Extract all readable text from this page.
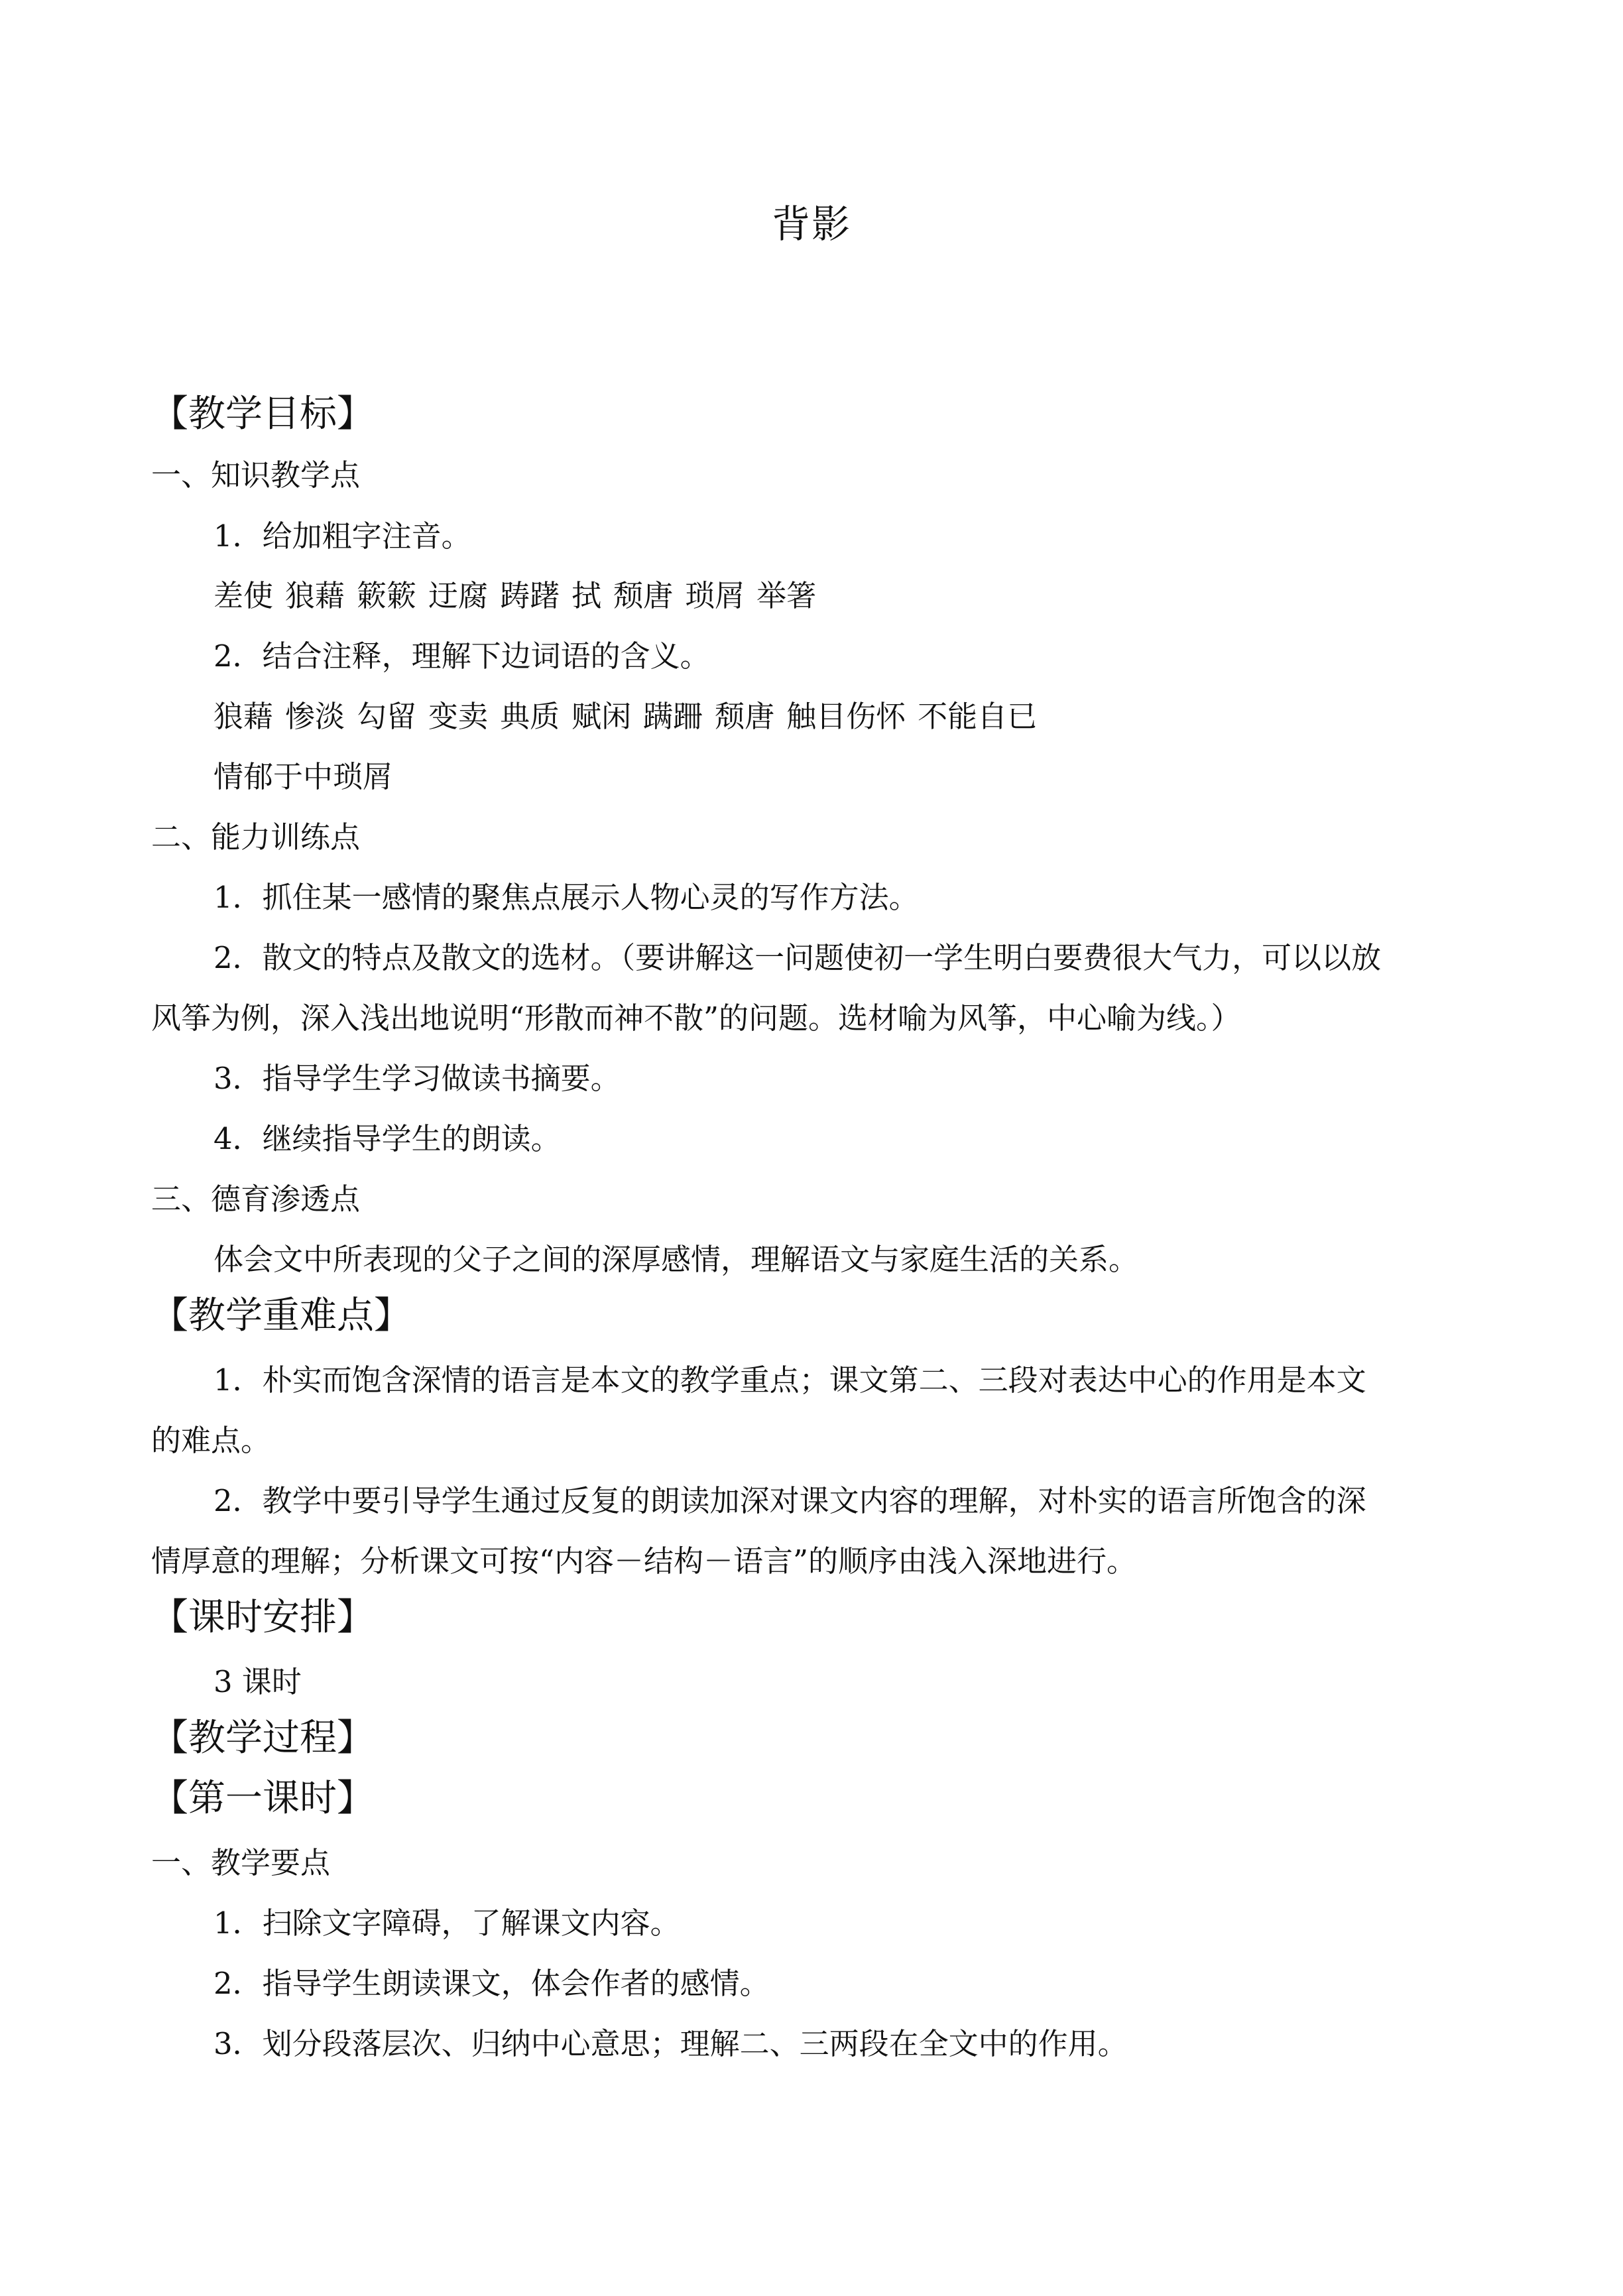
背影
【教学目标】
一、知识教学点
1．给加粗字注音。
差使 狼藉 簌簌 迂腐 踌躇 拭 颓唐 琐屑 举箸
2．结合注释，理解下边词语的含义。
狼藉 惨淡 勾留 变卖 典质 赋闲 蹒跚 颓唐 触目伤怀 不能自已
情郁于中琐屑
二、能力训练点
1．抓住某一感情的聚焦点展示人物心灵的写作方法。
2．散文的特点及散文的选材。（要讲解这一问题使初一学生明白要费很大气力，可以以放
风筝为例，深入浅出地说明“形散而神不散”的问题。选材喻为风筝，中心喻为线。）
3．指导学生学习做读书摘要。
4．继续指导学生的朗读。
三、德育渗透点
体会文中所表现的父子之间的深厚感情，理解语文与家庭生活的关系。
【教学重难点】
1．朴实而饱含深情的语言是本文的教学重点；课文第二、三段对表达中心的作用是本文
的难点。
2．教学中要引导学生通过反复的朗读加深对课文内容的理解，对朴实的语言所饱含的深
情厚意的理解；分析课文可按“内容－结构－语言”的顺序由浅入深地进行。
【课时安排】
3 课时
【教学过程】
【第一课时】
一、教学要点
1．扫除文字障碍，了解课文内容。
2．指导学生朗读课文，体会作者的感情。
3．划分段落层次、归纳中心意思；理解二、三两段在全文中的作用。
